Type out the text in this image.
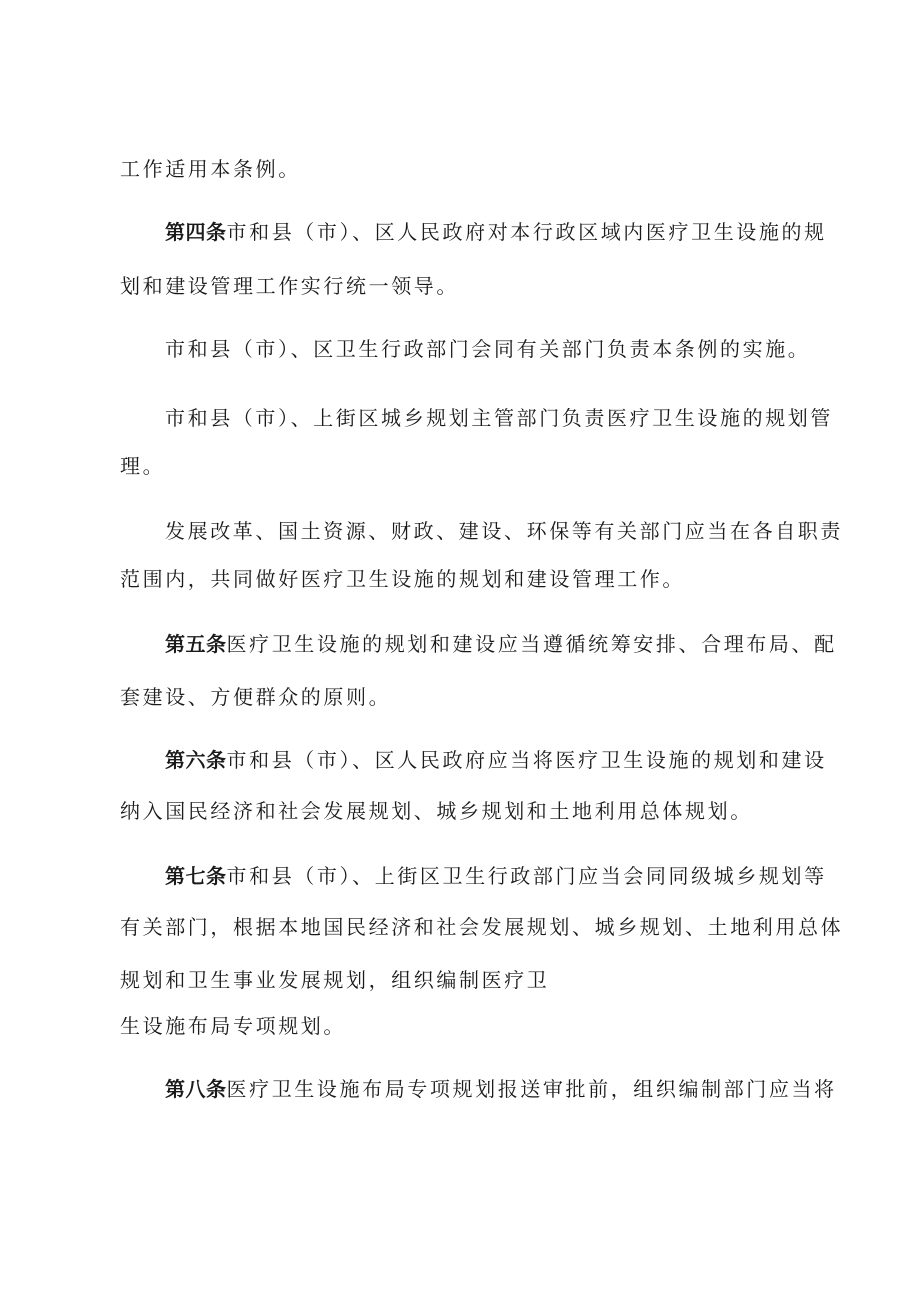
工作适用本条例。
第四条市和县（市）、区人民政府对本行政区域内医疗卫生设施的规
划和建设管理工作实行统一领导。
市和县（市）、区卫生行政部门会同有关部门负责本条例的实施。
市和县（市）、上街区城乡规划主管部门负责医疗卫生设施的规划管
理。
发展改革、国土资源、财政、建设、环保等有关部门应当在各自职责
范围内，共同做好医疗卫生设施的规划和建设管理工作。
第五条医疗卫生设施的规划和建设应当遵循统筹安排、合理布局、配
套建设、方便群众的原则。
第六条市和县（市）、区人民政府应当将医疗卫生设施的规划和建设
纳入国民经济和社会发展规划、城乡规划和土地利用总体规划。
第七条市和县（市）、上街区卫生行政部门应当会同同级城乡规划等
有关部门，根据本地国民经济和社会发展规划、城乡规划、土地利用总体
规划和卫生事业发展规划，组织编制医疗卫
生设施布局专项规划。
第八条医疗卫生设施布局专项规划报送审批前，组织编制部门应当将
